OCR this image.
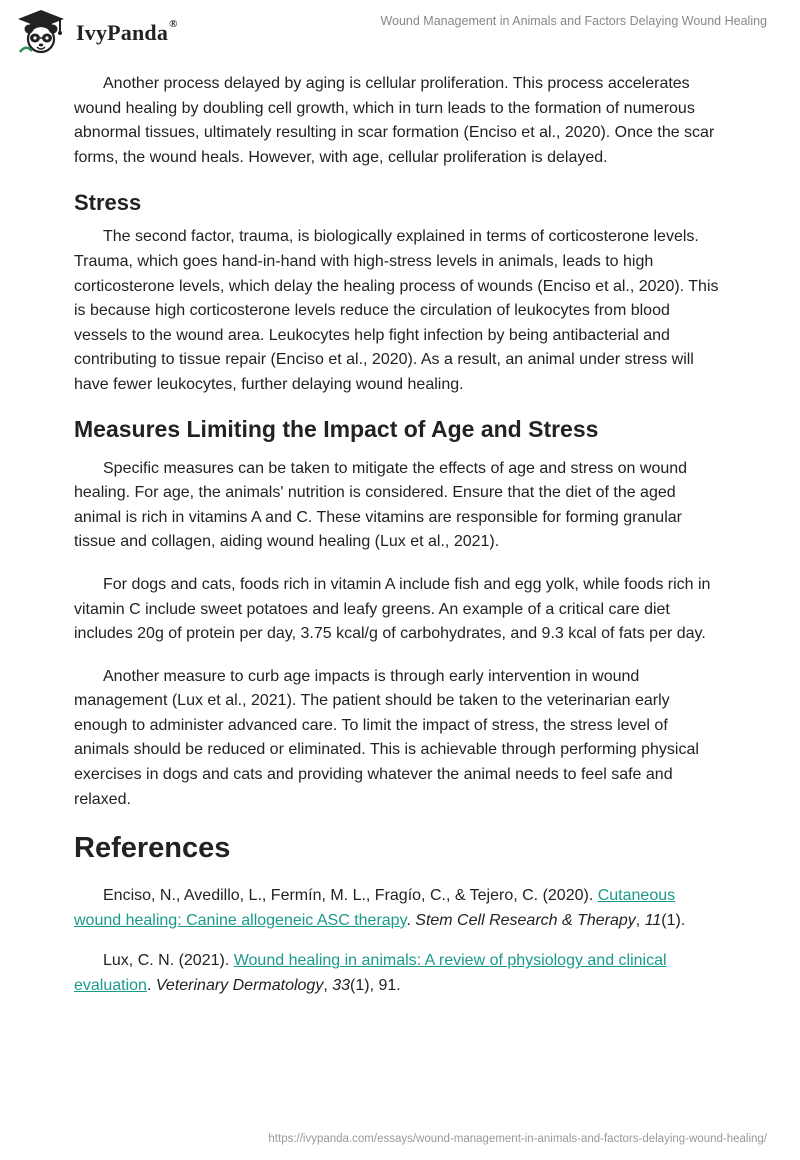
IvyPanda®	Wound Management in Animals and Factors Delaying Wound Healing

Another process delayed by aging is cellular proliferation. This process accelerates wound healing by doubling cell growth, which in turn leads to the formation of numerous abnormal tissues, ultimately resulting in scar formation (Enciso et al., 2020). Once the scar forms, the wound heals. However, with age, cellular proliferation is delayed.

Stress

The second factor, trauma, is biologically explained in terms of corticosterone levels. Trauma, which goes hand-in-hand with high-stress levels in animals, leads to high corticosterone levels, which delay the healing process of wounds (Enciso et al., 2020). This is because high corticosterone levels reduce the circulation of leukocytes from blood vessels to the wound area. Leukocytes help fight infection by being antibacterial and contributing to tissue repair (Enciso et al., 2020). As a result, an animal under stress will have fewer leukocytes, further delaying wound healing.

Measures Limiting the Impact of Age and Stress

Specific measures can be taken to mitigate the effects of age and stress on wound healing. For age, the animals' nutrition is considered. Ensure that the diet of the aged animal is rich in vitamins A and C. These vitamins are responsible for forming granular tissue and collagen, aiding wound healing (Lux et al., 2021).

For dogs and cats, foods rich in vitamin A include fish and egg yolk, while foods rich in vitamin C include sweet potatoes and leafy greens. An example of a critical care diet includes 20g of protein per day, 3.75 kcal/g of carbohydrates, and 9.3 kcal of fats per day.

Another measure to curb age impacts is through early intervention in wound management (Lux et al., 2021). The patient should be taken to the veterinarian early enough to administer advanced care. To limit the impact of stress, the stress level of animals should be reduced or eliminated. This is achievable through performing physical exercises in dogs and cats and providing whatever the animal needs to feel safe and relaxed.

References

Enciso, N., Avedillo, L., Fermín, M. L., Fragío, C., & Tejero, C. (2020). Cutaneous wound healing: Canine allogeneic ASC therapy. Stem Cell Research & Therapy, 11(1).

Lux, C. N. (2021). Wound healing in animals: A review of physiology and clinical evaluation. Veterinary Dermatology, 33(1), 91.

https://ivypanda.com/essays/wound-management-in-animals-and-factors-delaying-wound-healing/
